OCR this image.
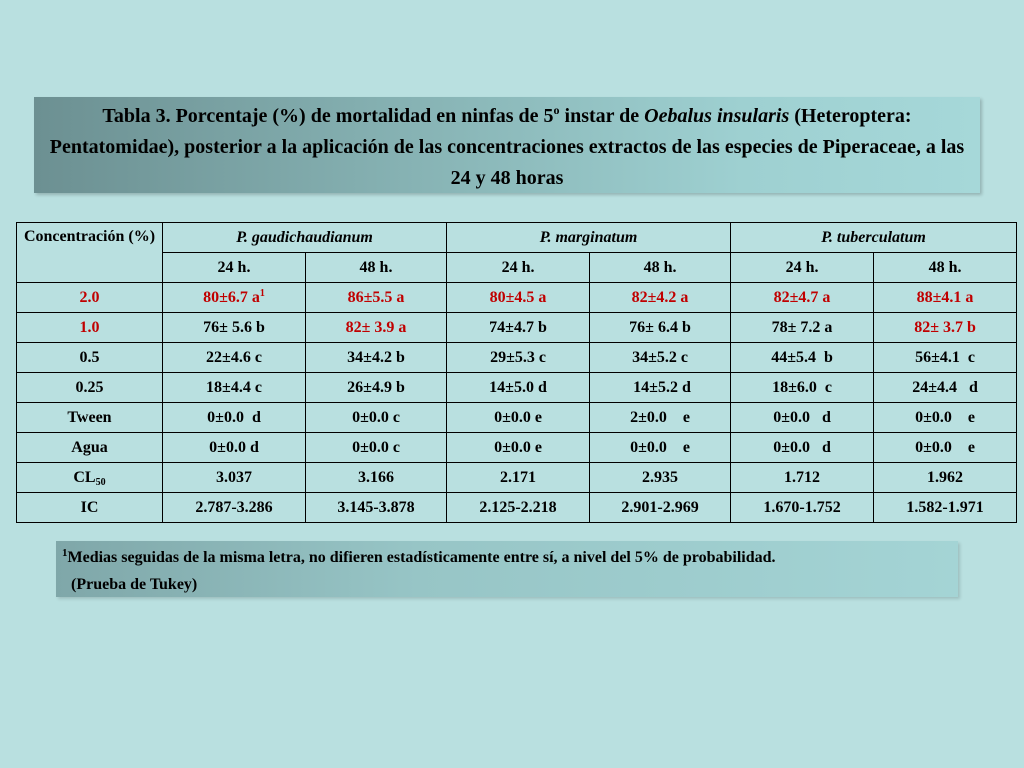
Tabla 3. Porcentaje (%) de mortalidad en ninfas de 5$^o$ instar de Oebalus insularis (Heteroptera: Pentatomidae), posterior a la aplicación de las concentraciones extractos de las especies de Piperaceae, a las 24 y 48 horas
Concentración (%)	P. gaudichaudianum		P. marginatum		P. tuberculatum	
	24 h.	48 h.	24 h.	48 h.	24 h.	48 h.
2.0	80±6.7 $a^1$	86±5.5 a	80±4.5 a	82±4.2 a	82±4.7 a	88±4.1 a
1.0	76± 5.6 b	82± 3.9 a	74±4.7 b	76± 6.4 b	78± 7.2 a	82± 3.7 b
0.5	22±4.6 c	34±4.2 b	29±5.3 c	34±5.2 c	44±5.4  b	56±4.1  c
0.25	18±4.4 c	26±4.9 b	14±5.0 d	14±5.2 d	18±6.0  c	24±4.4   d
Tween	0±0.0  d	0±0.0 c	0±0.0 e	2±0.0    e	0±0.0   d	0±0.0    e
Agua	0±0.0 d	0±0.0 c	0±0.0 e	0±0.0    e	0±0.0   d	0±0.0    e
$CL_{50}$	3.037	3.166	2.171	2.935	1.712	1.962
IC	2.787-3.286	3.145-3.878	2.125-2.218	2.901-2.969	1.670-1.752	1.582-1.971
$^1$Medias seguidas de la misma letra, no difieren estadísticamente entre sí, a nivel del 5% de probabilidad.
(Prueba de Tukey)
